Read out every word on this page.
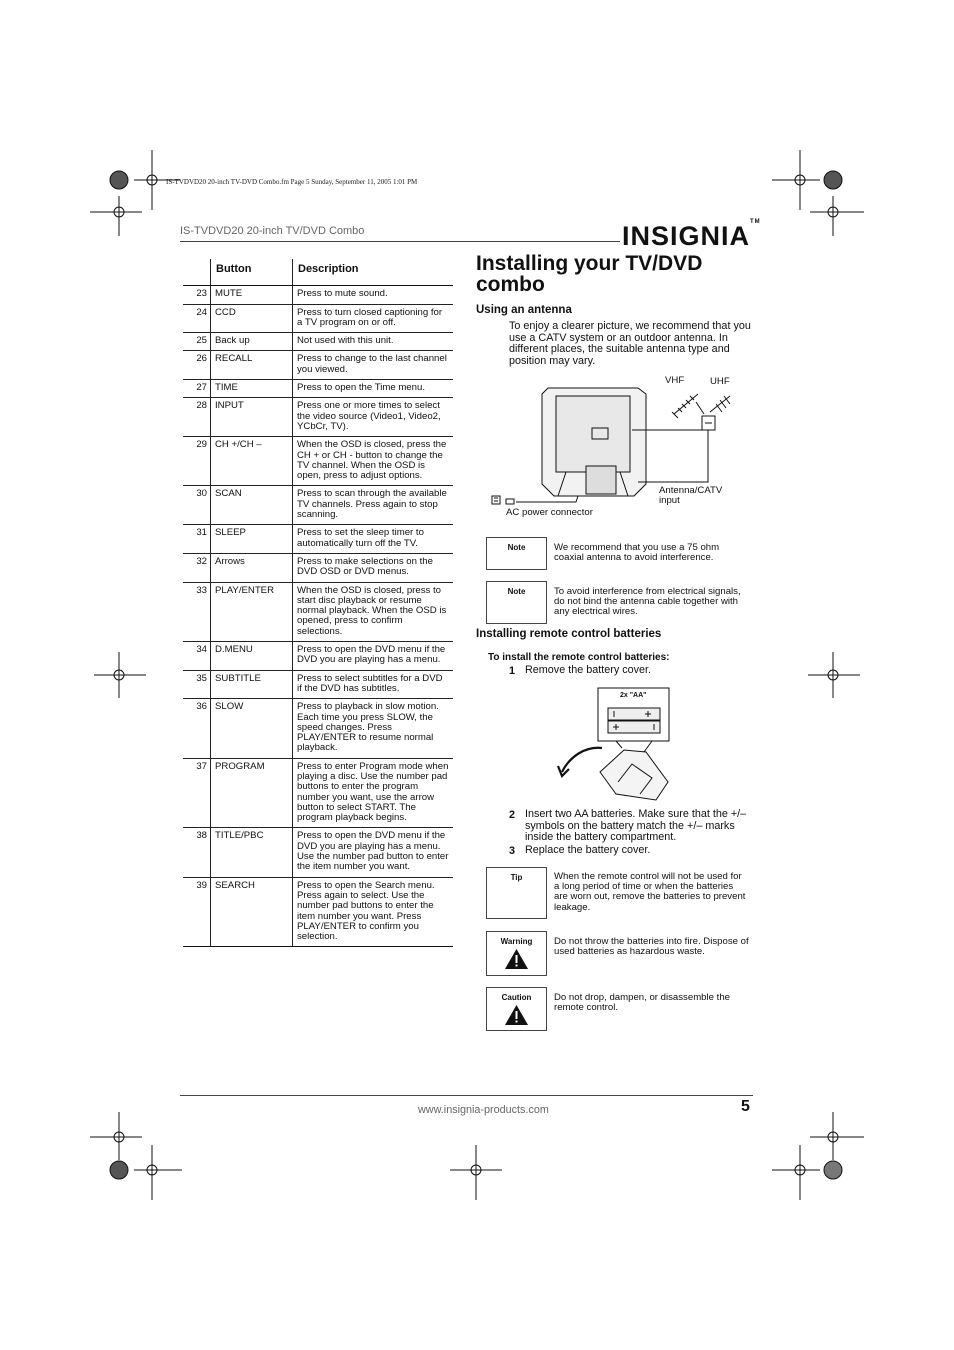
IS-TVDVD20 20-inch TV-DVD Combo.fm Page 5 Sunday, September 11, 2005 1:01 PM
IS-TVDVD20 20-inch TV/DVD Combo	INSIGNIA™
	Button	Description
23	MUTE	Press to mute sound.
24	CCD	Press to turn closed captioning for a TV program on or off.
25	Back up	Not used with this unit.
26	RECALL	Press to change to the last channel you viewed.
27	TIME	Press to open the Time menu.
28	INPUT	Press one or more times to select the video source (Video1, Video2, YCbCr, TV).
29	CH +/CH –	When the OSD is closed, press the CH + or CH - button to change the TV channel. When the OSD is open, press to adjust options.
30	SCAN	Press to scan through the available TV channels. Press again to stop scanning.
31	SLEEP	Press to set the sleep timer to automatically turn off the TV.
32	Arrows	Press to make selections on the DVD OSD or DVD menus.
33	PLAY/ENTER	When the OSD is closed, press to start disc playback or resume normal playback. When the OSD is opened, press to confirm selections.
34	D.MENU	Press to open the DVD menu if the DVD you are playing has a menu.
35	SUBTITLE	Press to select subtitles for a DVD if the DVD has subtitles.
36	SLOW	Press to playback in slow motion. Each time you press SLOW, the speed changes. Press PLAY/ENTER to resume normal playback.
37	PROGRAM	Press to enter Program mode when playing a disc. Use the number pad buttons to enter the program number you want, use the arrow button to select START. The program playback begins.
38	TITLE/PBC	Press to open the DVD menu if the DVD you are playing has a menu. Use the number pad button to enter the item number you want.
39	SEARCH	Press to open the Search menu. Press again to select. Use the number pad buttons to enter the item number you want. Press PLAY/ENTER to confirm you selection.
Installing your TV/DVD combo
Using an antenna
To enjoy a clearer picture, we recommend that you use a CATV system or an outdoor antenna. In different places, the suitable antenna type and position may vary.
VHF	UHF
Antenna/CATV input
AC power connector
Note	We recommend that you use a 75 ohm coaxial antenna to avoid interference.
Note	To avoid interference from electrical signals, do not bind the antenna cable together with any electrical wires.
Installing remote control batteries
To install the remote control batteries:
1 Remove the battery cover.
2x "AA"
2 Insert two AA batteries. Make sure that the +/– symbols on the battery match the +/– marks inside the battery compartment.
3 Replace the battery cover.
Tip	When the remote control will not be used for a long period of time or when the batteries are worn out, remove the batteries to prevent leakage.
Warning	Do not throw the batteries into fire. Dispose of used batteries as hazardous waste.
Caution	Do not drop, dampen, or disassemble the remote control.
www.insignia-products.com	5
